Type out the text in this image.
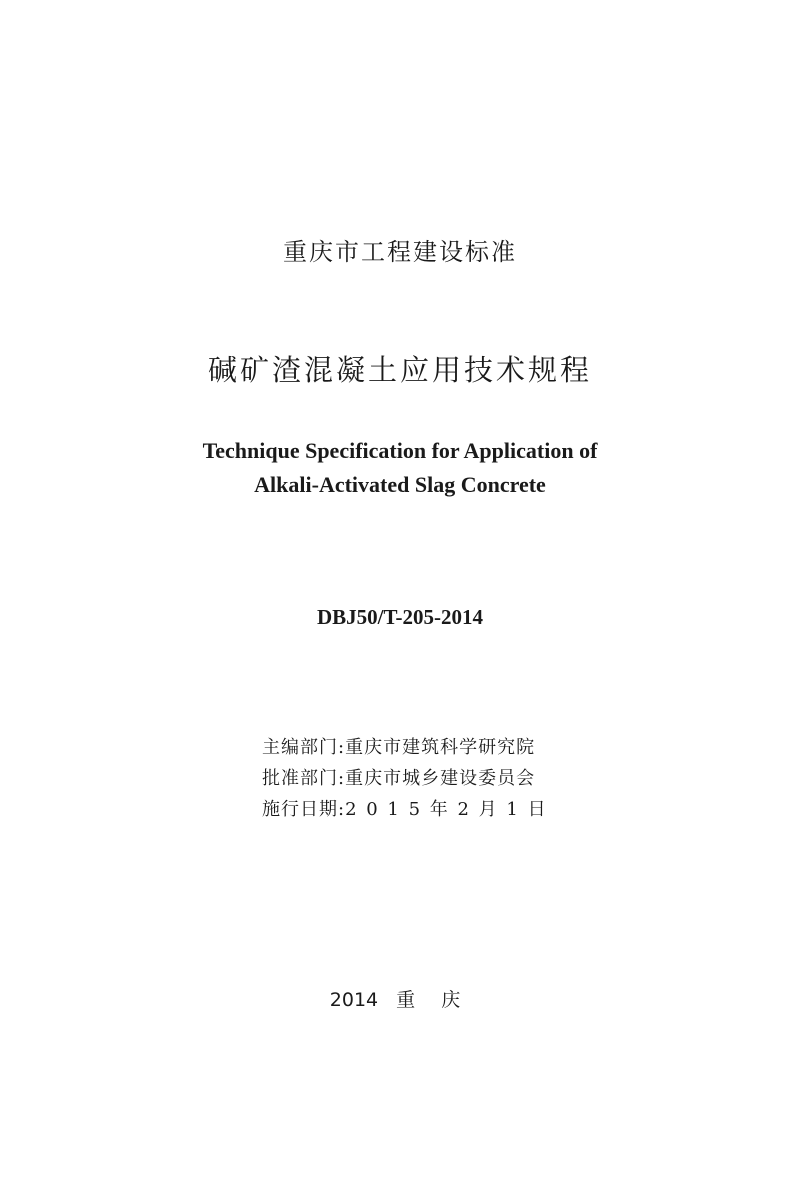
重庆市工程建设标准
碱矿渣混凝土应用技术规程
Technique Specification for Application of
Alkali-Activated Slag Concrete
DBJ50/T-205-2014
主编部门:重庆市建筑科学研究院
批准部门:重庆市城乡建设委员会
施行日期:2 0 1 5 年 2 月 1 日
2014 重 庆
